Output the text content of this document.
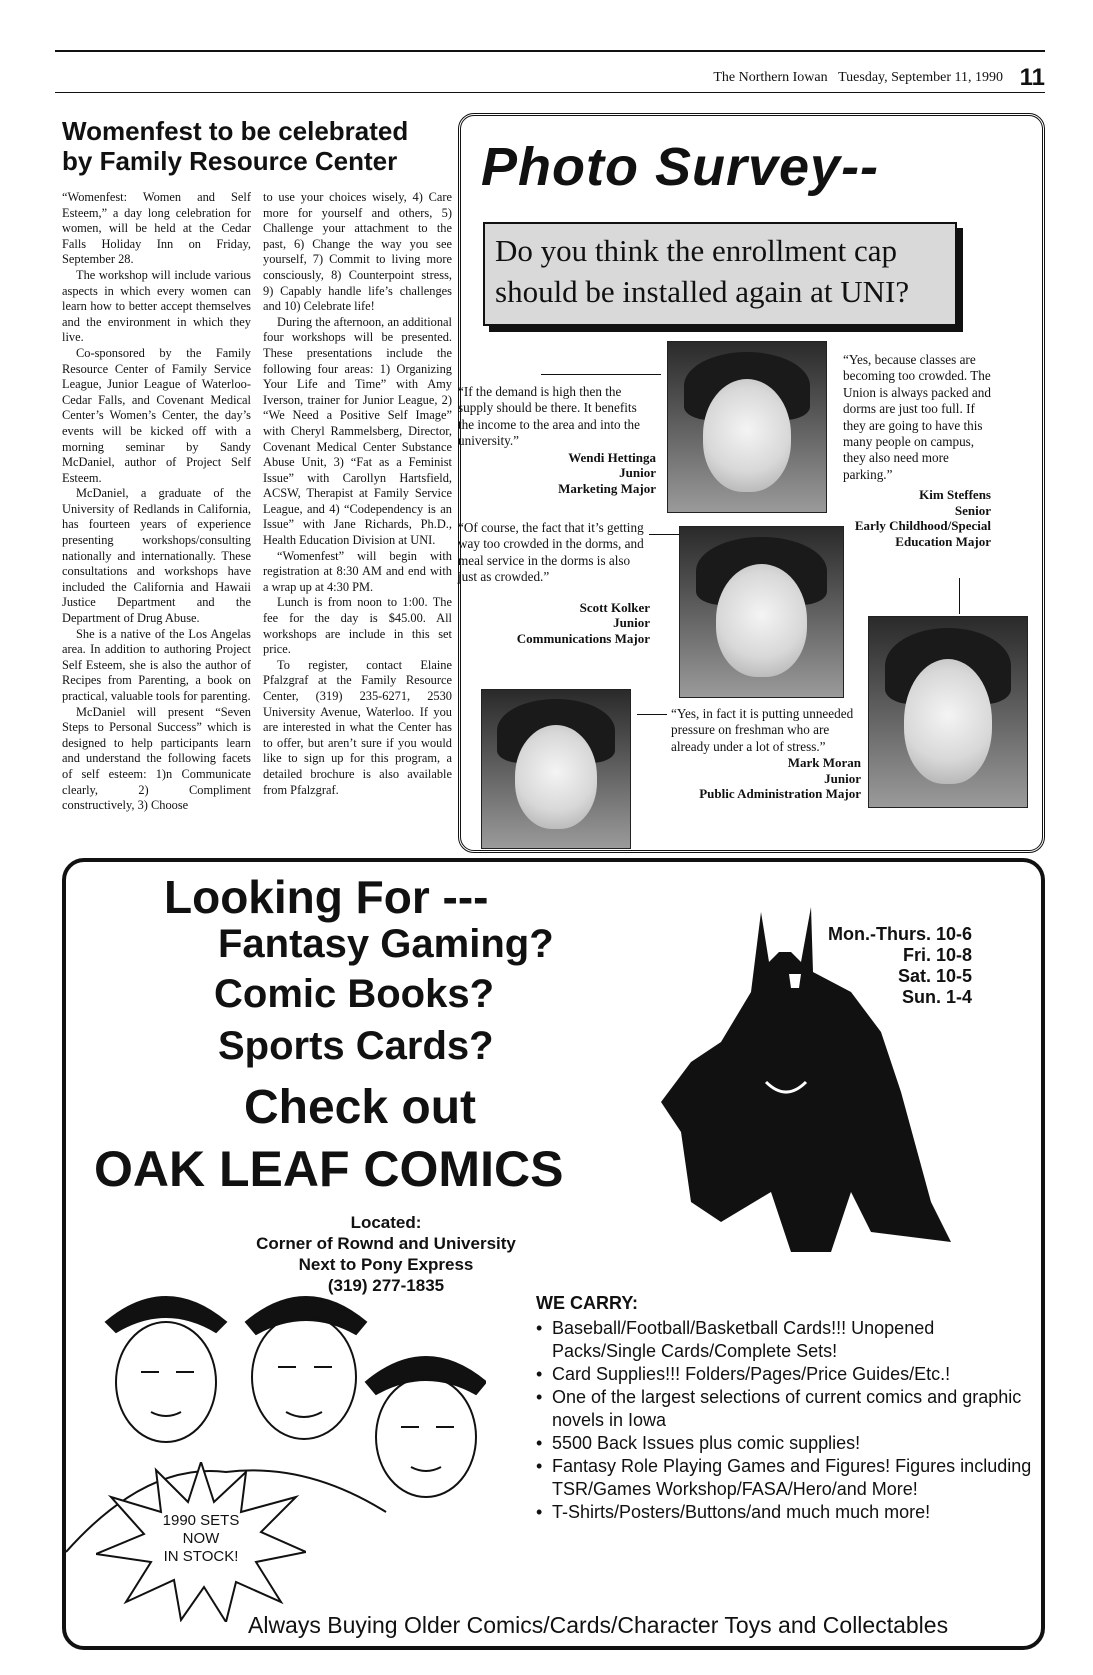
The Northern Iowan Tuesday, September 11, 1990 11
Womenfest to be celebrated
by Family Resource Center

“Womenfest: Women and Self Esteem,” a day long celebration for women, will be held at the Cedar Falls Holiday Inn on Friday, September 28.

The workshop will include various aspects in which every women can learn how to better accept themselves and the environment in which they live.

Co-sponsored by the Family Resource Center of Family Service League, Junior League of Waterloo-Cedar Falls, and Covenant Medical Center’s Women’s Center, the day’s events will be kicked off with a morning seminar by Sandy McDaniel, author of Project Self Esteem.

McDaniel, a graduate of the University of Redlands in California, has fourteen years of experience presenting workshops/consulting nationally and internationally. These consultations and workshops have included the California and Hawaii Justice Department and the Department of Drug Abuse.

She is a native of the Los Angelas area. In addition to authoring Project Self Esteem, she is also the author of Recipes from Parenting, a book on practical, valuable tools for parenting.

McDaniel will present “Seven Steps to Personal Success” which is designed to help participants learn and understand the following facets of self esteem: 1)n Communicate clearly, 2) Compliment constructively, 3) Choose

to use your choices wisely, 4) Care more for yourself and others, 5) Challenge your attachment to the past, 6) Change the way you see yourself, 7) Commit to living more consciously, 8) Counterpoint stress, 9) Capably handle life’s challenges and 10) Celebrate life!

During the afternoon, an additional four workshops will be presented. These presentations include the following four areas: 1) Organizing Your Life and Time” with Amy Iverson, trainer for Junior League, 2) “We Need a Positive Self Image” with Cheryl Rammelsberg, Director, Covenant Medical Center Substance Abuse Unit, 3) “Fat as a Feminist Issue” with Carollyn Hartsfield, ACSW, Therapist at Family Service League, and 4) “Codependency is an Issue” with Jane Richards, Ph.D., Health Education Division at UNI.

“Womenfest” will begin with registration at 8:30 AM and end with a wrap up at 4:30 PM.

Lunch is from noon to 1:00. The fee for the day is $45.00. All workshops are include in this set price.

To register, contact Elaine Pfalzgraf at the Family Resource Center, (319) 235-6271, 2530 University Avenue, Waterloo. If you are interested in what the Center has to offer, but aren’t sure if you would like to sign up for this program, a detailed brochure is also available from Pfalzgraf.

Photo Survey--
Do you think the enrollment cap should be installed again at UNI?
“If the demand is high then the supply should be there. It benefits the income to the area and into the university.”
Wendi Hettinga
Junior
Marketing Major
“Yes, because classes are becoming too crowded. The Union is always packed and dorms are just too full. If they are going to have this many people on campus, they also need more parking.”
Kim Steffens
Senior
Early Childhood/Special Education Major
“Of course, the fact that it’s getting way too crowded in the dorms, and meal service in the dorms is also just as crowded.”
Scott Kolker
Junior
Communications Major
“Yes, in fact it is putting unneeded pressure on freshman who are already under a lot of stress.”
Mark Moran
Junior
Public Administration Major
Looking For ---
Fantasy Gaming?
Comic Books?
Sports Cards?
Check out
OAK LEAF COMICS
Mon.-Thurs. 10-6
Fri. 10-8
Sat. 10-5
Sun. 1-4
Located:
Corner of Rownd and University
Next to Pony Express
(319) 277-1835
1990 SETS
NOW
IN STOCK!
WE CARRY:
• Baseball/Football/Basketball Cards!!! Unopened Packs/Single Cards/Complete Sets!
• Card Supplies!!! Folders/Pages/Price Guides/Etc.!
• One of the largest selections of current comics and graphic novels in Iowa
• 5500 Back Issues plus comic supplies!
• Fantasy Role Playing Games and Figures! Figures including TSR/Games Workshop/FASA/Hero/and More!
• T-Shirts/Posters/Buttons/and much much more!
Always Buying Older Comics/Cards/Character Toys and Collectables
